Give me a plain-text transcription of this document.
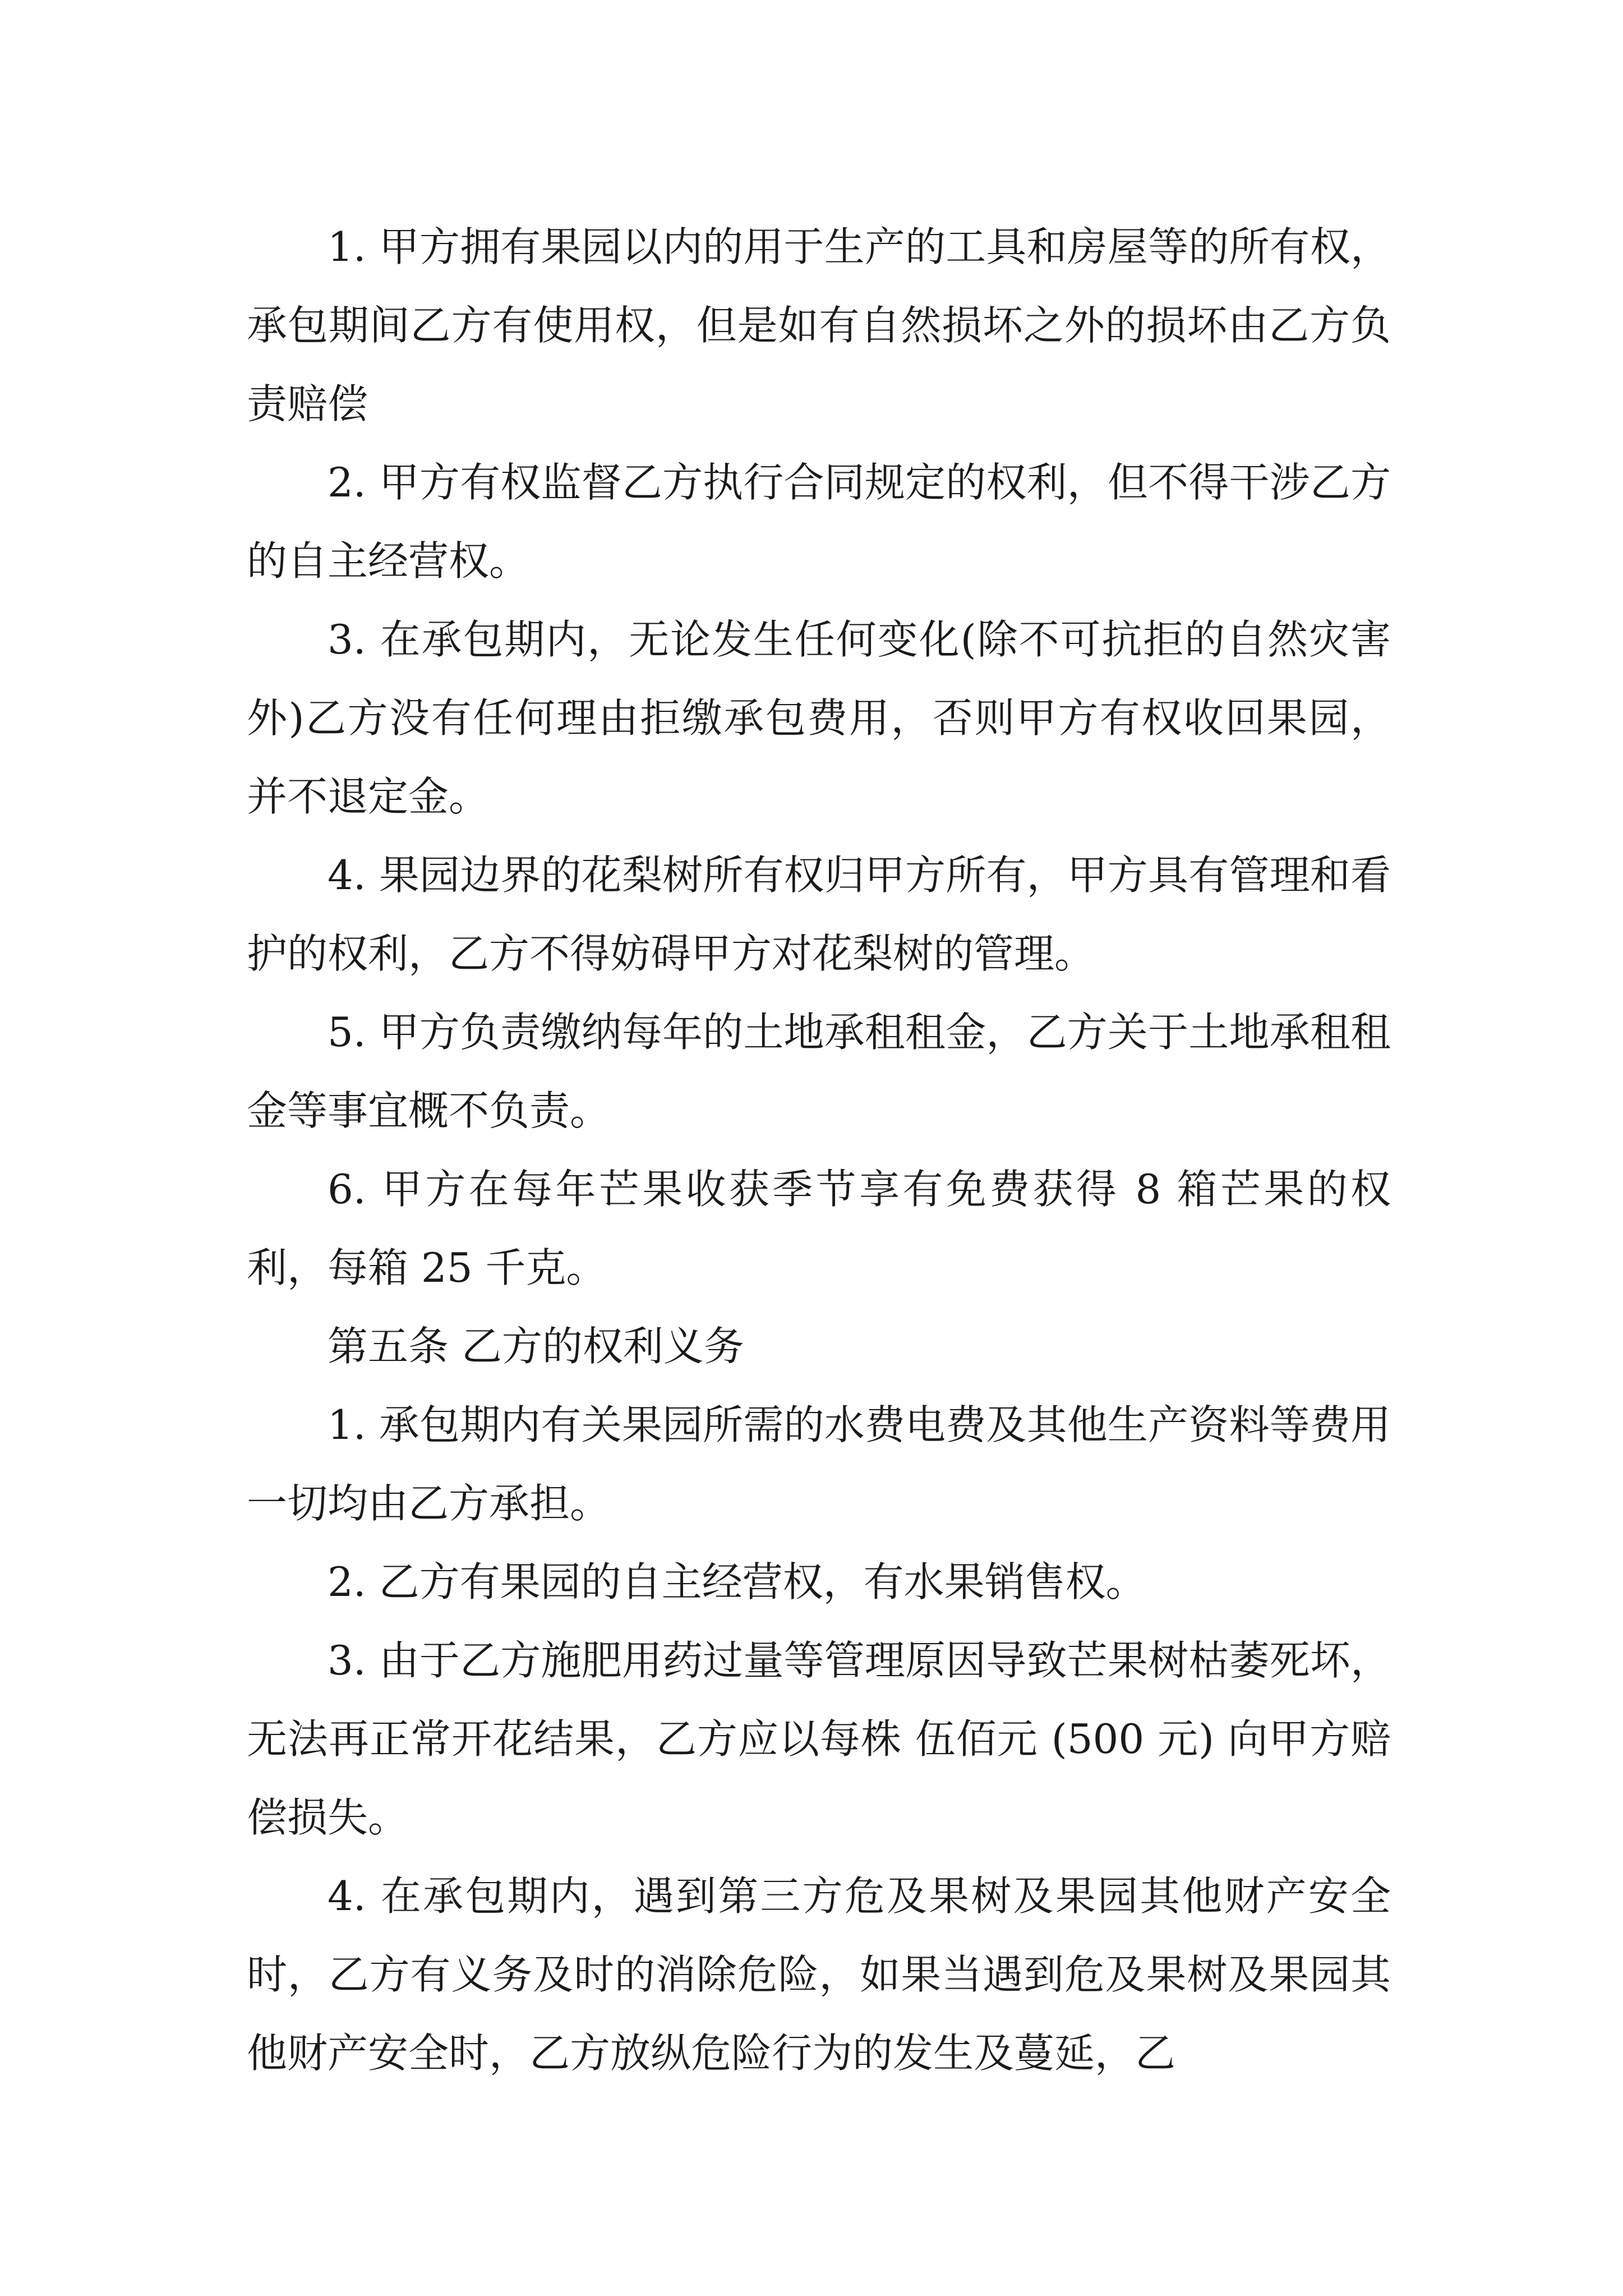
1. 甲方拥有果园以内的用于生产的工具和房屋等的所有权，承包期间乙方有使用权，但是如有自然损坏之外的损坏由乙方负责赔偿

2. 甲方有权监督乙方执行合同规定的权利，但不得干涉乙方的自主经营权。

3. 在承包期内，无论发生任何变化(除不可抗拒的自然灾害外)乙方没有任何理由拒缴承包费用，否则甲方有权收回果园，并不退定金。

4. 果园边界的花梨树所有权归甲方所有，甲方具有管理和看护的权利，乙方不得妨碍甲方对花梨树的管理。

5. 甲方负责缴纳每年的土地承租租金，乙方关于土地承租租金等事宜概不负责。

6. 甲方在每年芒果收获季节享有免费获得 8 箱芒果的权利，每箱 25 千克。

第五条 乙方的权利义务

1. 承包期内有关果园所需的水费电费及其他生产资料等费用一切均由乙方承担。

2. 乙方有果园的自主经营权，有水果销售权。

3. 由于乙方施肥用药过量等管理原因导致芒果树枯萎死坏，无法再正常开花结果，乙方应以每株 伍佰元 (500 元) 向甲方赔偿损失。

4. 在承包期内，遇到第三方危及果树及果园其他财产安全时，乙方有义务及时的消除危险，如果当遇到危及果树及果园其他财产安全时，乙方放纵危险行为的发生及蔓延，乙
